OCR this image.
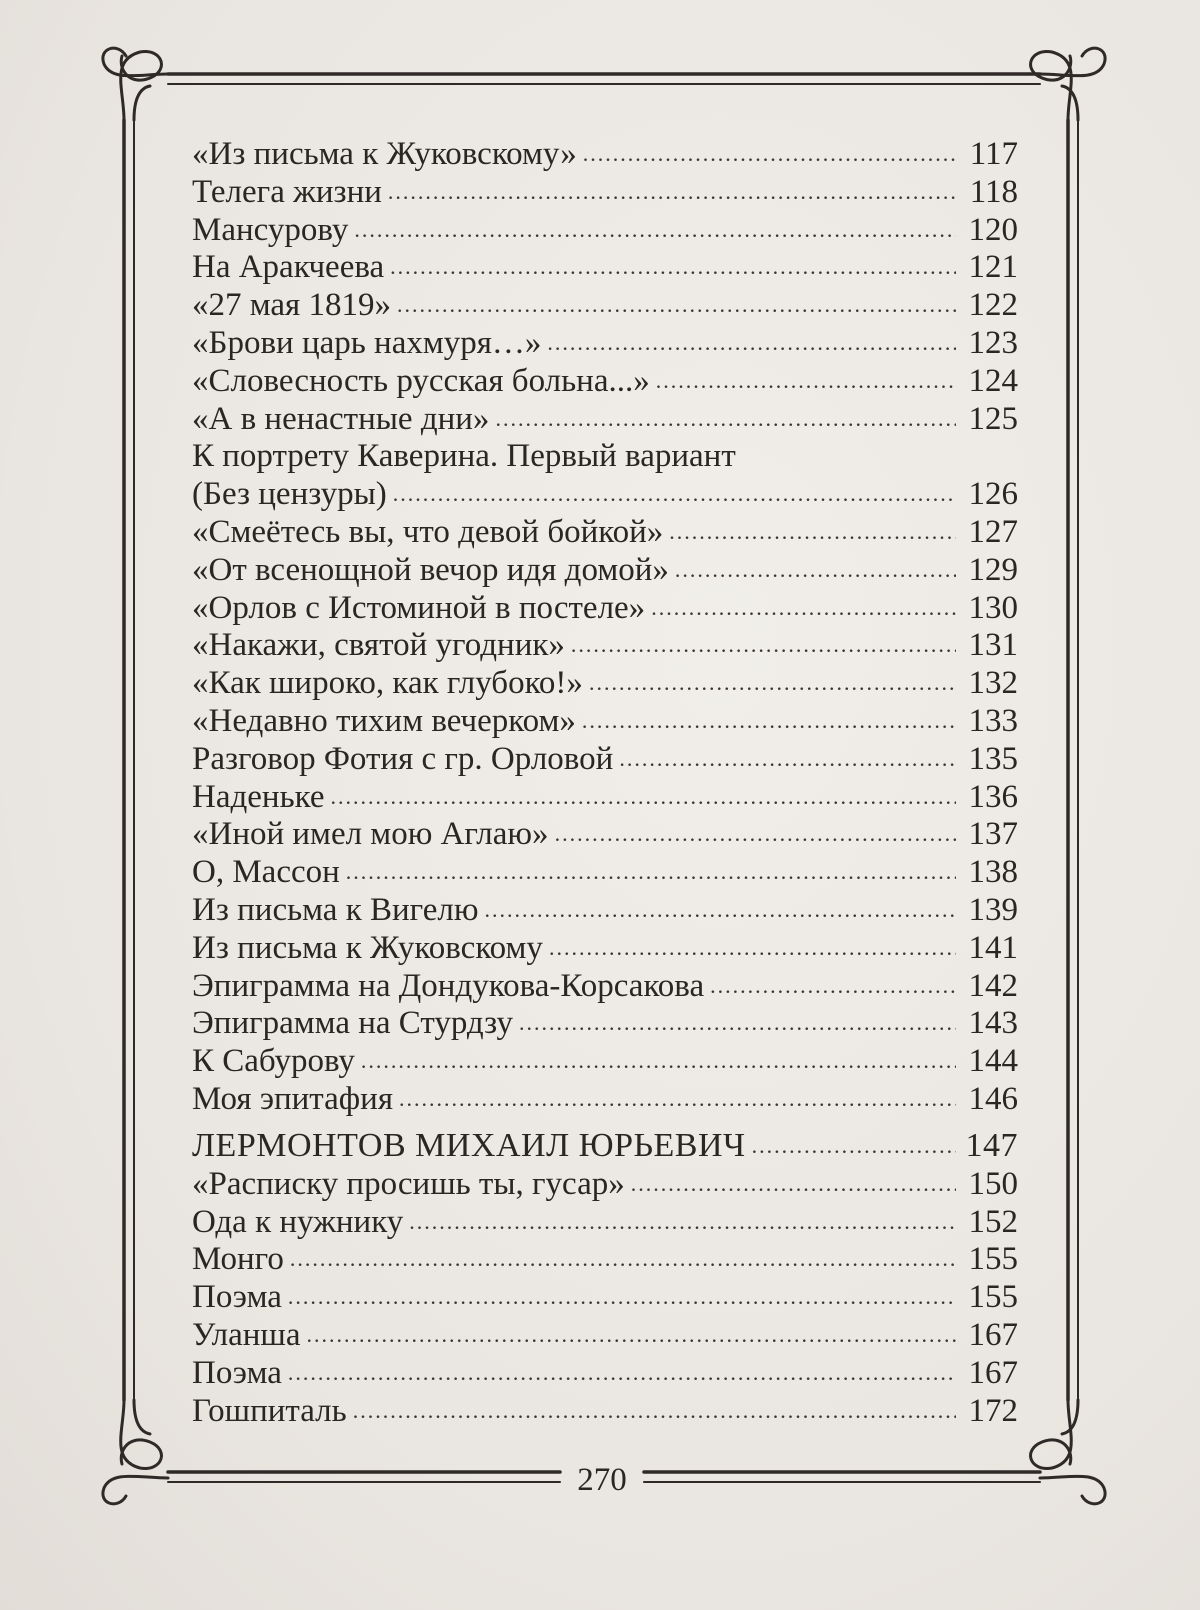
«Из письма к Жуковскому» .....	117
Телега жизни .....	118
Мансурову .....	120
На Аракчеева .....	121
«27 мая 1819» .....	122
«Брови царь нахмуря…» .....	123
«Словесность русская больна...» .....	124
«А в ненастные дни» .....	125
К портрету Каверина. Первый вариант
(Без цензуры) .....	126
«Смеётесь вы, что девой бойкой» .....	127
«От всенощной вечор идя домой» .....	129
«Орлов с Истоминой в постеле» .....	130
«Накажи, святой угодник» .....	131
«Как широко, как глубоко!» .....	132
«Недавно тихим вечерком» .....	133
Разговор Фотия с гр. Орловой .....	135
Наденьке .....	136
«Иной имел мою Аглаю» .....	137
О, Массон .....	138
Из письма к Вигелю .....	139
Из письма к Жуковскому .....	141
Эпиграмма на Дондукова-Корсакова .....	142
Эпиграмма на Стурдзу .....	143
К Сабурову .....	144
Моя эпитафия .....	146
ЛЕРМОНТОВ МИХАИЛ ЮРЬЕВИЧ .....	147
«Расписку просишь ты, гусар» .....	150
Ода к нужнику .....	152
Монго .....	155
Поэма .....	155
Уланша .....	167
Поэма .....	167
Гошпиталь .....	172
270
